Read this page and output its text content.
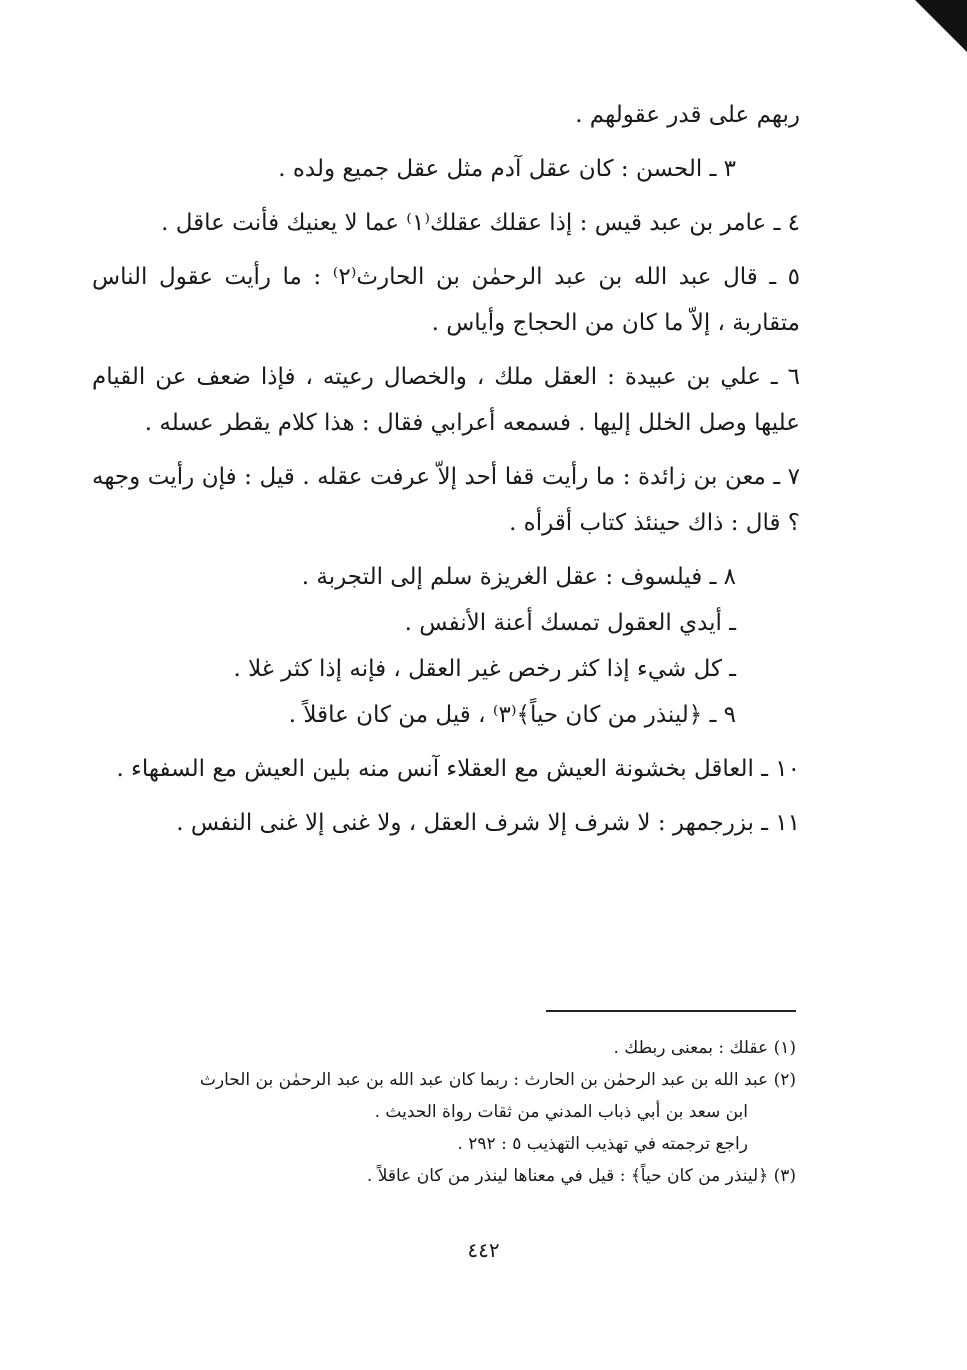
ربهم على قدر عقولهم .

٣ ـ الحسن : كان عقل آدم مثل عقل جميع ولده .

٤ ـ عامر بن عبد قيس : إذا عقلك عقلك⁽١⁾ عما لا يعنيك فأنت عاقل .

٥ ـ قال عبد الله بن عبد الرحمٰن بن الحارث⁽٢⁾ : ما رأيت عقول الناس متقاربة ، إلاّ ما كان من الحجاج وأياس .

٦ ـ علي بن عبيدة : العقل ملك ، والخصال رعيته ، فإذا ضعف عن القيام عليها وصل الخلل إليها . فسمعه أعرابي فقال : هذا كلام يقطر عسله .

٧ ـ معن بن زائدة : ما رأيت قفا أحد إلاّ عرفت عقله . قيل : فإن رأيت وجهه ؟ قال : ذاك حينئذ كتاب أقرأه .

٨ ـ فيلسوف : عقل الغريزة سلم إلى التجربة .

ـ أيدي العقول تمسك أعنة الأنفس .

ـ كل شيء إذا كثر رخص غير العقل ، فإنه إذا كثر غلا .

٩ ـ ﴿لينذر من كان حياً﴾⁽٣⁾ ، قيل من كان عاقلاً .

١٠ ـ العاقل بخشونة العيش مع العقلاء آنس منه بلين العيش مع السفهاء .

١١ ـ بزرجمهر : لا شرف إلا شرف العقل ، ولا غنى إلا غنى النفس .

(١) عقلك : بمعنى ربطك .

(٢) عبد الله بن عبد الرحمٰن بن الحارث : ربما كان عبد الله بن عبد الرحمٰن بن الحارث

ابن سعد بن أبي ذباب المدني من ثقات رواة الحديث .

راجع ترجمته في تهذيب التهذيب ٥ : ٢٩٢ .

(٣) ﴿لينذر من كان حياً﴾ : قيل في معناها لينذر من كان عاقلاً .

٤٤٢
